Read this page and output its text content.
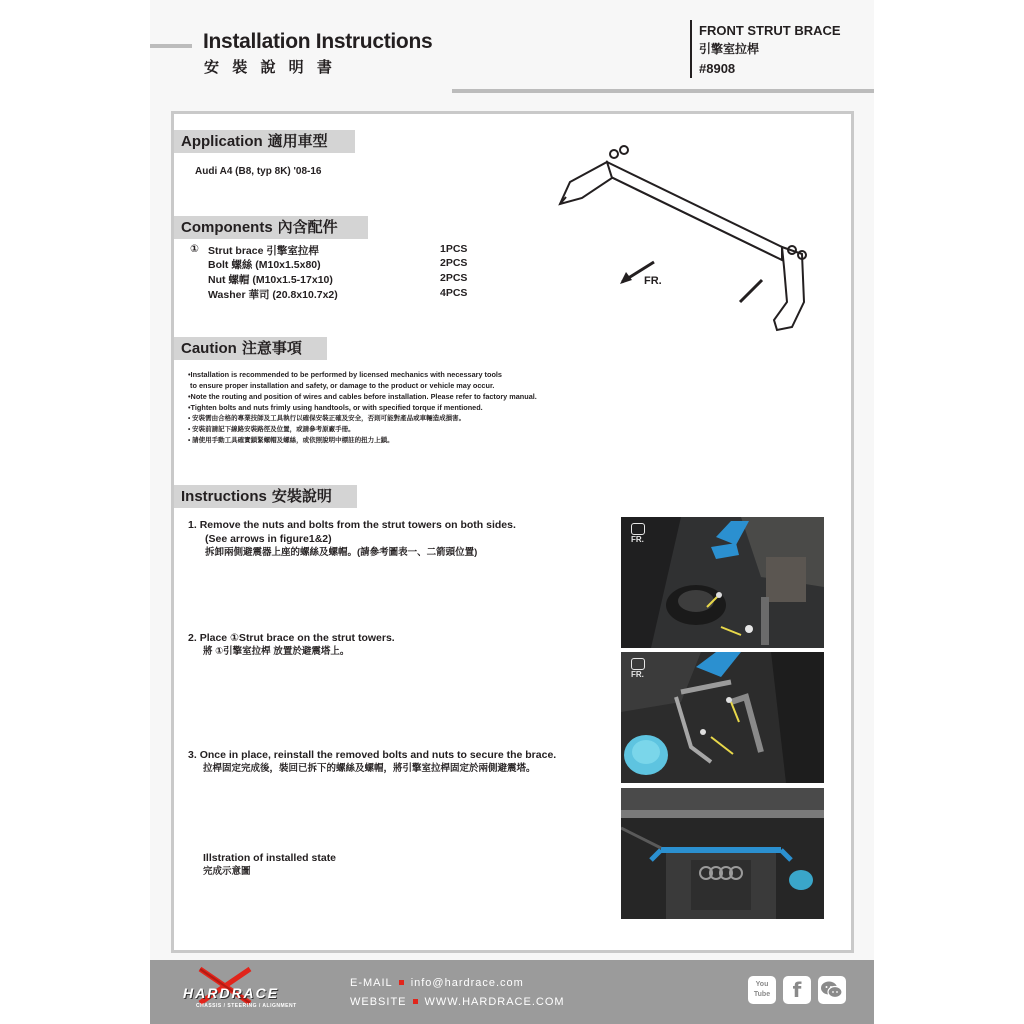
Installation Instructions
安 裝 說 明 書
FRONT STRUT BRACE
引擎室拉桿
#8908
Application 適用車型
Audi A4 (B8, typ 8K) '08-16
FR.
Components 內含配件
① Strut brace 引擎室拉桿	1PCS
Bolt 螺絲 (M10x1.5x80)	2PCS
Nut 螺帽 (M10x1.5-17x10)	2PCS
Washer 華司 (20.8x10.7x2)	4PCS
Caution 注意事項
•Installation is recommended to be performed by licensed mechanics with necessary tools
to ensure proper installation and safety, or damage to the product or vehicle may occur.
•Note the routing and position of wires and cables before installation. Please refer to factory manual.
•Tighten bolts and nuts frimly using handtools, or with specified torque if mentioned.
• 安裝需由合格的專業技師及工具執行以確保安裝正確及安全，否則可能對產品或車輛造成損害。
• 安裝前請記下線路安裝路徑及位置，或請參考原廠手冊。
• 請使用手動工具確實鎖緊螺帽及螺絲，或依照說明中標註的扭力上鎖。
Instructions 安裝說明
1. Remove the nuts and bolts from the strut towers on both sides.
(See arrows in figure1&2)
拆卸兩側避震器上座的螺絲及螺帽。(請參考圖表一、二箭頭位置)
2. Place ①Strut brace on the strut towers.
將 ①引擎室拉桿 放置於避震塔上。
3. Once in place, reinstall the removed bolts and nuts to secure the brace.
拉桿固定完成後，裝回已拆下的螺絲及螺帽，將引擎室拉桿固定於兩側避震塔。
Illstration of installed state
完成示意圖
FR.
FR.
HARDRACE
CHASSIS / STEERING / ALIGNMENT
E-MAIL info@hardrace.com
WEBSITE WWW.HARDRACE.COM
You Tube	f
